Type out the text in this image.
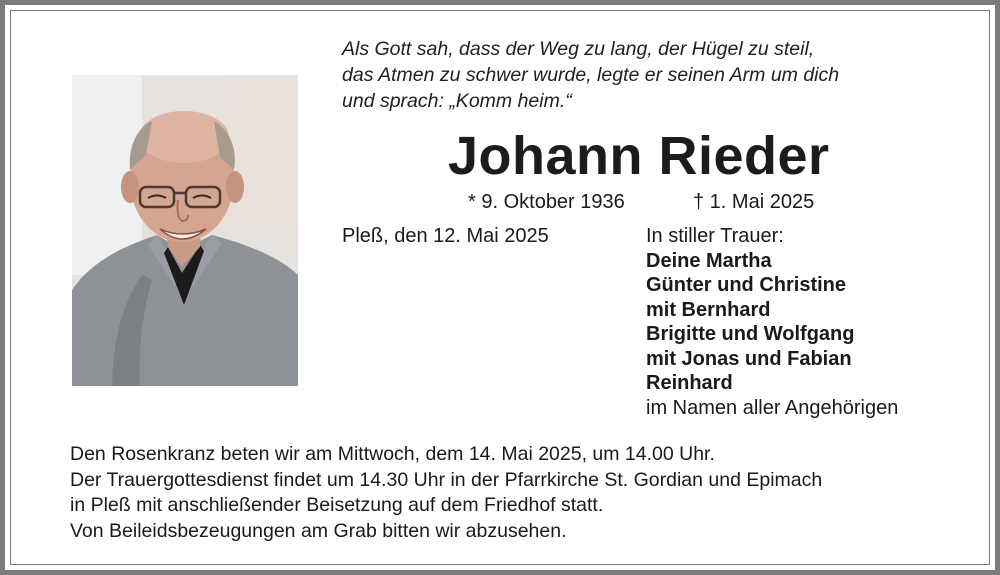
Als Gott sah, dass der Weg zu lang, der Hügel zu steil,
das Atmen zu schwer wurde, legte er seinen Arm um dich
und sprach: „Komm heim.“
Johann Rieder
* 9. Oktober 1936	† 1. Mai 2025
Pleß, den 12. Mai 2025	In stiller Trauer:
Deine Martha
Günter und Christine
mit Bernhard
Brigitte und Wolfgang
mit Jonas und Fabian
Reinhard
im Namen aller Angehörigen
Den Rosenkranz beten wir am Mittwoch, dem 14. Mai 2025, um 14.00 Uhr.
Der Trauergottesdienst findet um 14.30 Uhr in der Pfarrkirche St. Gordian und Epimach
in Pleß mit anschließender Beisetzung auf dem Friedhof statt.
Von Beileidsbezeugungen am Grab bitten wir abzusehen.
